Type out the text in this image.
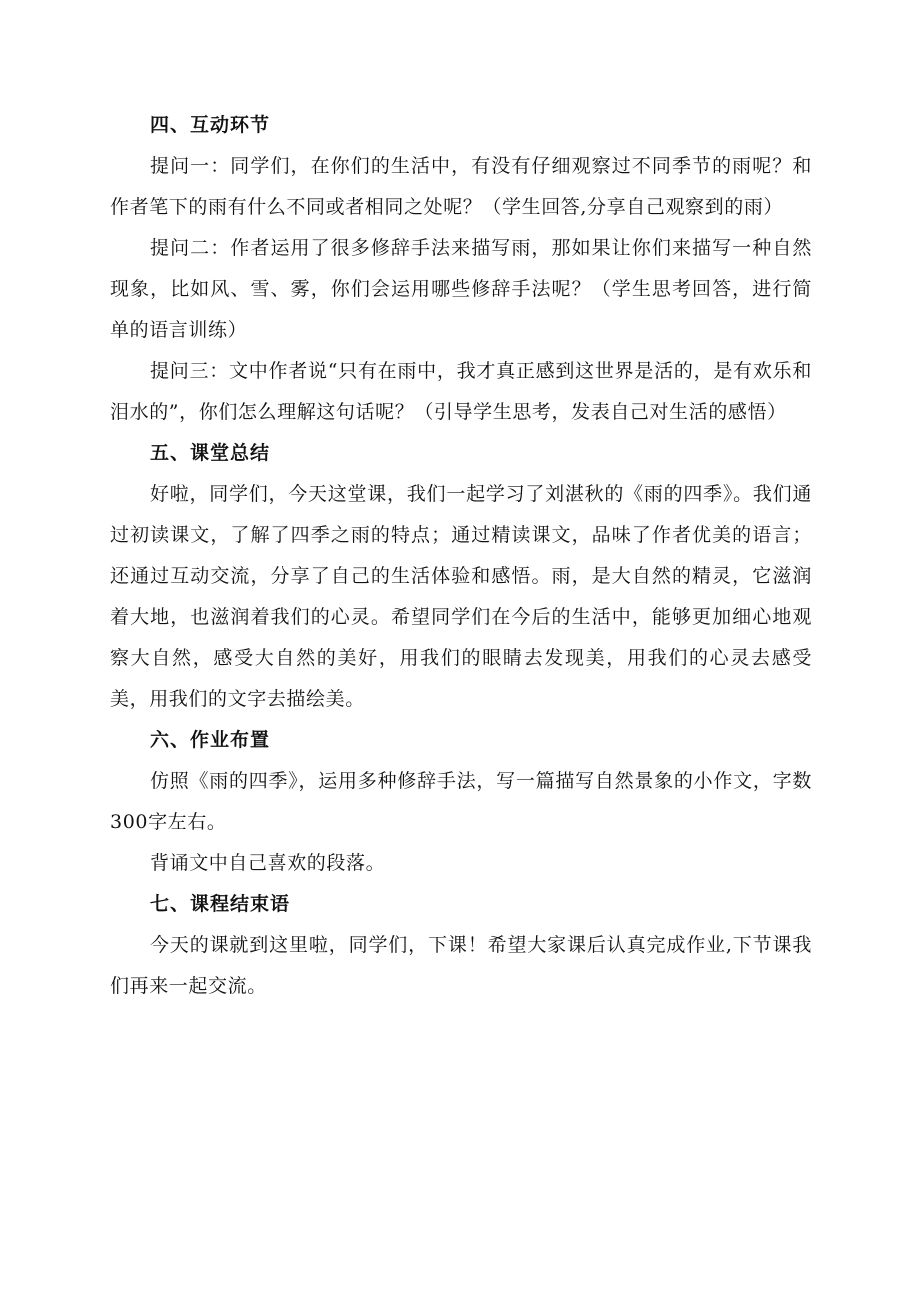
四、互动环节

提问一：同学们，在你们的生活中，有没有仔细观察过不同季节的雨呢？和作者笔下的雨有什么不同或者相同之处呢？（学生回答,分享自己观察到的雨）

提问二：作者运用了很多修辞手法来描写雨，那如果让你们来描写一种自然现象，比如风、雪、雾，你们会运用哪些修辞手法呢？（学生思考回答，进行简单的语言训练）

提问三：文中作者说“只有在雨中，我才真正感到这世界是活的，是有欢乐和泪水的”，你们怎么理解这句话呢？（引导学生思考，发表自己对生活的感悟）

五、课堂总结

好啦，同学们，今天这堂课，我们一起学习了刘湛秋的《雨的四季》。我们通过初读课文，了解了四季之雨的特点；通过精读课文，品味了作者优美的语言；还通过互动交流，分享了自己的生活体验和感悟。雨，是大自然的精灵，它滋润着大地，也滋润着我们的心灵。希望同学们在今后的生活中，能够更加细心地观察大自然，感受大自然的美好，用我们的眼睛去发现美，用我们的心灵去感受美，用我们的文字去描绘美。

六、作业布置

仿照《雨的四季》，运用多种修辞手法，写一篇描写自然景象的小作文，字数300字左右。

背诵文中自己喜欢的段落。

七、课程结束语

今天的课就到这里啦，同学们，下课！希望大家课后认真完成作业,下节课我们再来一起交流。
